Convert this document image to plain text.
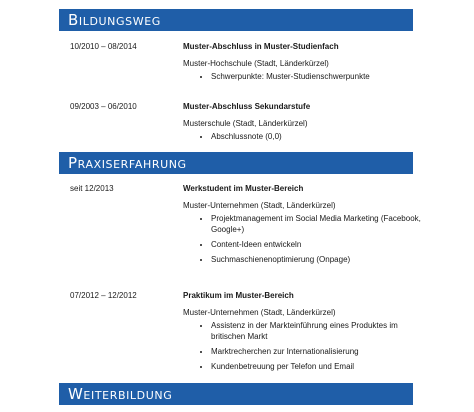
Bildungsweg
10/2010 – 08/2014	Muster-Abschluss in Muster-Studienfach
Muster-Hochschule (Stadt, Länderkürzel)
• Schwerpunkte: Muster-Studienschwerpunkte
09/2003 – 06/2010	Muster-Abschluss Sekundarstufe
Musterschule (Stadt, Länderkürzel)
• Abschlussnote (0,0)
Praxiserfahrung
seit 12/2013	Werkstudent im Muster-Bereich
Muster-Unternehmen (Stadt, Länderkürzel)
• Projektmanagement im Social Media Marketing (Facebook, Google+)
• Content-Ideen entwickeln
• Suchmaschienenoptimierung (Onpage)
07/2012 – 12/2012	Praktikum im Muster-Bereich
Muster-Unternehmen (Stadt, Länderkürzel)
• Assistenz in der Markteinführung eines Produktes im britischen Markt
• Marktrecherchen zur Internationalisierung
• Kundenbetreuung per Telefon und Email
Weiterbildung
